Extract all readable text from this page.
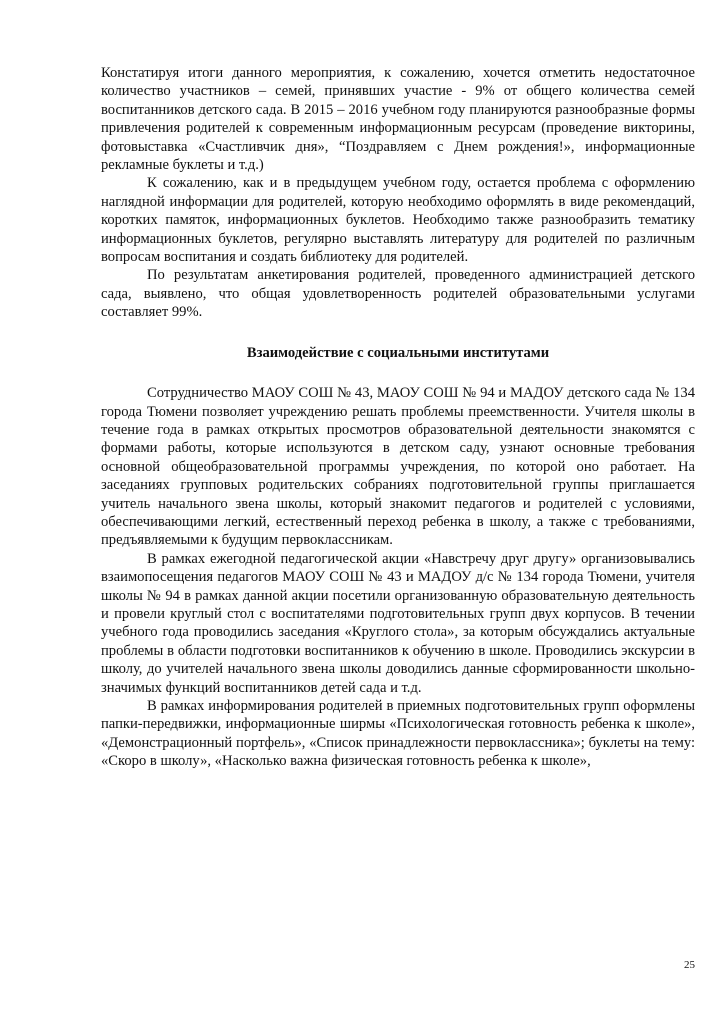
Констатируя итоги данного мероприятия, к сожалению, хочется отметить недостаточное количество участников – семей, принявших участие - 9% от общего количества семей воспитанников детского сада. В 2015 – 2016 учебном году планируются разнообразные формы привлечения родителей к современным информационным ресурсам (проведение викторины, фотовыставка «Счастливчик дня», “Поздравляем с Днем рождения!», информационные рекламные буклеты и т.д.)

К сожалению, как и в предыдущем учебном году, остается проблема с оформлению наглядной информации для родителей, которую необходимо оформлять в виде рекомендаций, коротких памяток, информационных буклетов. Необходимо также разнообразить тематику информационных буклетов, регулярно выставлять литературу для родителей по различным вопросам воспитания и создать библиотеку для родителей.

По результатам анкетирования родителей, проведенного администрацией детского сада, выявлено, что общая удовлетворенность родителей образовательными услугами составляет 99%.

Взаимодействие с социальными институтами

Сотрудничество МАОУ СОШ № 43, МАОУ СОШ № 94 и МАДОУ детского сада № 134 города Тюмени позволяет учреждению решать проблемы преемственности. Учителя школы в течение года в рамках открытых просмотров образовательной деятельности знакомятся с формами работы, которые используются в детском саду, узнают основные требования основной общеобразовательной программы учреждения, по которой оно работает. На заседаниях групповых родительских собраниях подготовительной группы приглашается учитель начального звена школы, который знакомит педагогов и родителей с условиями, обеспечивающими легкий, естественный переход ребенка в школу, а также с требованиями, предъявляемыми к будущим первоклассникам.

В рамках ежегодной педагогической акции «Навстречу друг другу» организовывались взаимопосещения педагогов МАОУ СОШ № 43 и МАДОУ д/с № 134 города Тюмени, учителя школы № 94 в рамках данной акции посетили организованную образовательную деятельность и провели круглый стол с воспитателями подготовительных групп двух корпусов. В течении учебного года проводились заседания «Круглого стола», за которым обсуждались актуальные проблемы в области подготовки воспитанников к обучению в школе. Проводились экскурсии в школу, до учителей начального звена школы доводились данные сформированности школьно-значимых функций воспитанников детей сада и т.д.

В рамках информирования родителей в приемных подготовительных групп оформлены папки-передвижки, информационные ширмы «Психологическая готовность ребенка к школе», «Демонстрационный портфель», «Список принадлежности первоклассника»; буклеты на тему: «Скоро в школу», «Насколько важна физическая готовность ребенка к школе»,

25
